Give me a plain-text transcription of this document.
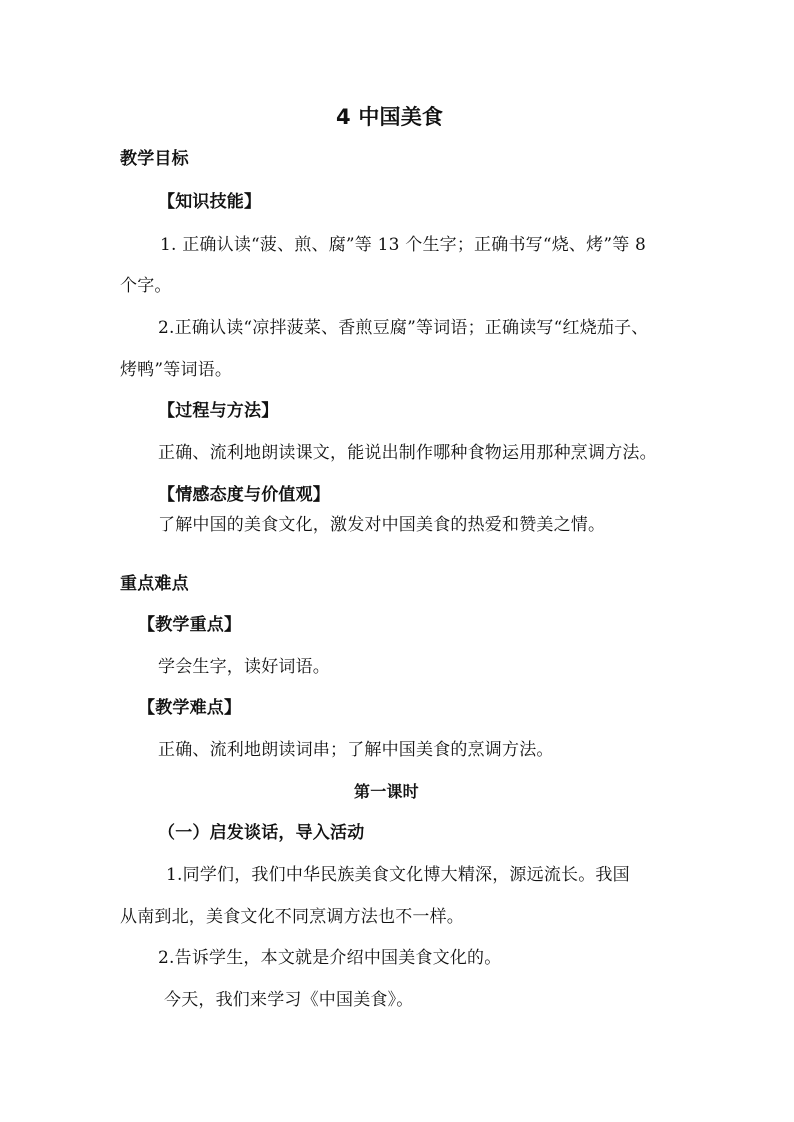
4 中国美食
教学目标
【知识技能】
1. 正确认读“菠、煎、腐”等 13 个生字；正确书写“烧、烤”等 8
个字。
2.正确认读“凉拌菠菜、香煎豆腐”等词语；正确读写“红烧茄子、
烤鸭”等词语。
【过程与方法】
正确、流利地朗读课文，能说出制作哪种食物运用那种烹调方法。
【情感态度与价值观】
了解中国的美食文化，激发对中国美食的热爱和赞美之情。
重点难点
【教学重点】
学会生字，读好词语。
【教学难点】
正确、流利地朗读词串；了解中国美食的烹调方法。
第一课时
（一）启发谈话，导入活动
1.同学们，我们中华民族美食文化博大精深，源远流长。我国
从南到北，美食文化不同烹调方法也不一样。
2.告诉学生，本文就是介绍中国美食文化的。
今天，我们来学习《中国美食》。
